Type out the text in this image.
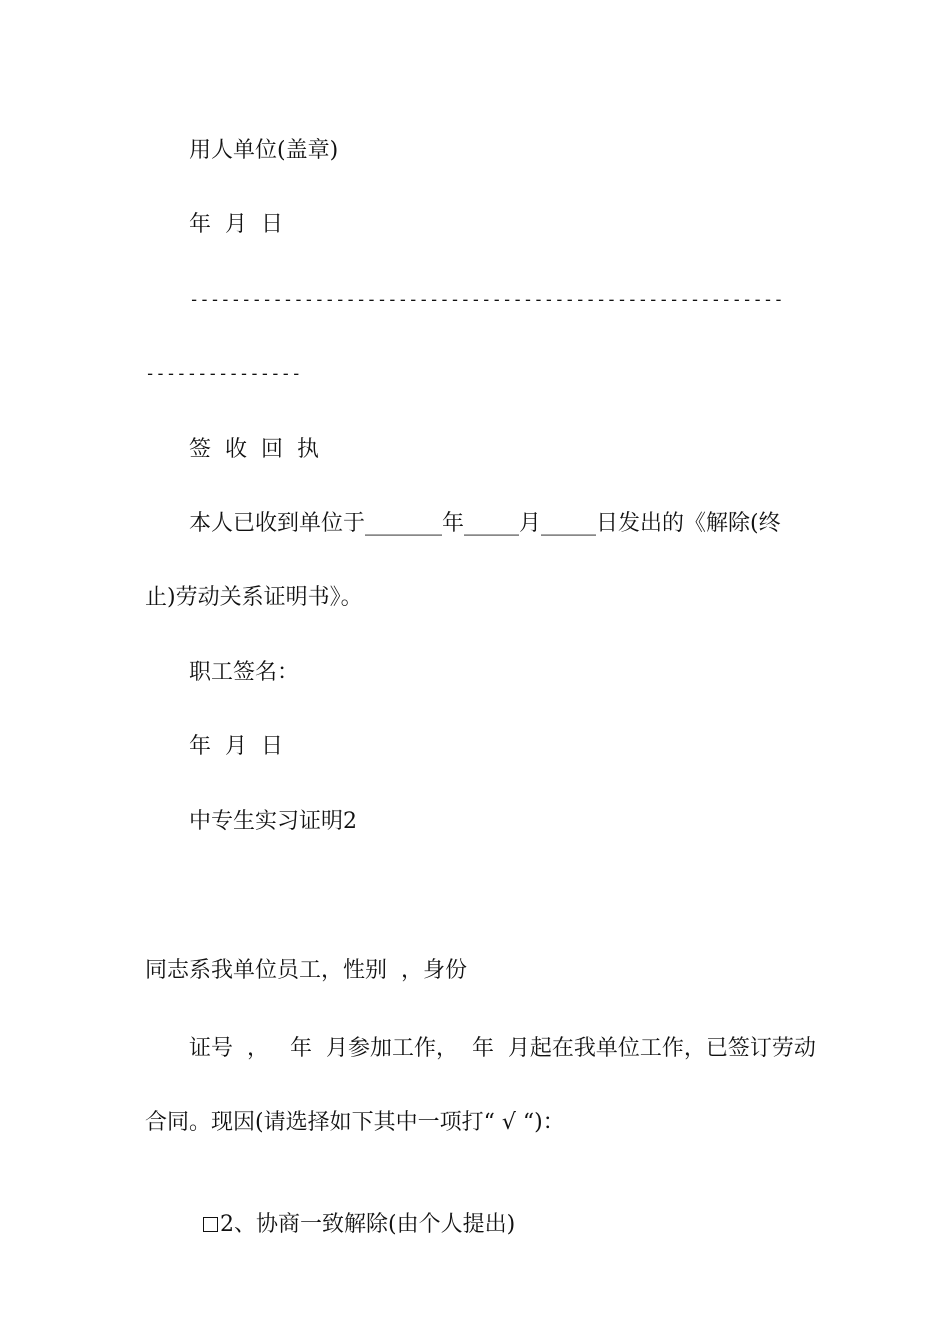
用人单位(盖章)

年  月  日

---------------------------------------------------------

---------------

签  收  回  执

本人已收到单位于_______年_____月_____日发出的《解除(终

止)劳动关系证明书》。

职工签名：

年  月  日

中专生实习证明2

同志系我单位员工，性别  ，身份

证号  ，   年  月参加工作，  年  月起在我单位工作，已签订劳动

合同。现因(请选择如下其中一项打“ √ “)：

2、协商一致解除(由个人提出)
